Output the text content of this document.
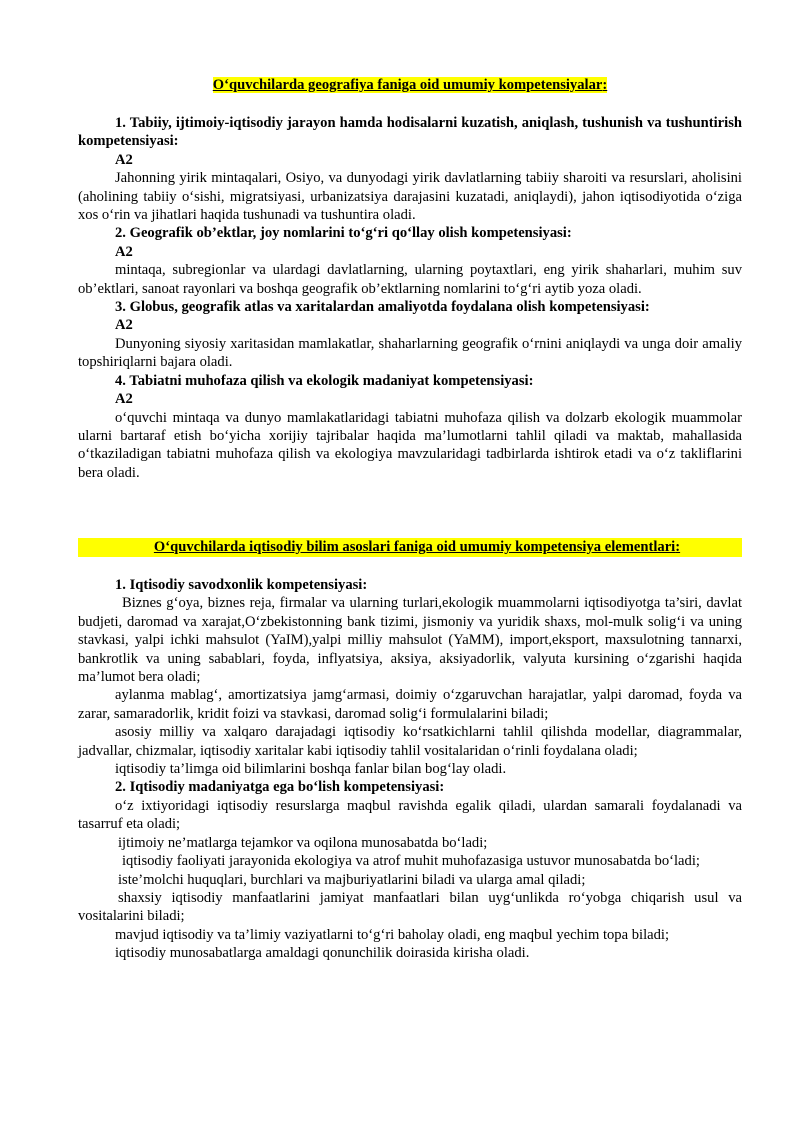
O‘quvchilarda geografiya faniga oid umumiy kompetensiyalar:

1. Tabiiy, ijtimoiy-iqtisodiy jarayon hamda hodisalarni kuzatish, aniqlash, tushunish va tushuntirish kompetensiyasi:

A2

Jahonning yirik mintaqalari, Osiyo, va dunyodagi yirik davlatlarning tabiiy sharoiti va resurslari, aholisini (aholining tabiiy o‘sishi, migratsiyasi, urbanizatsiya darajasini kuzatadi, aniqlaydi), jahon iqtisodiyotida o‘ziga xos o‘rin va jihatlari haqida tushunadi va tushuntira oladi.

2. Geografik ob’ektlar, joy nomlarini to‘g‘ri qo‘llay olish kompetensiyasi:

A2

mintaqa, subregionlar va ulardagi davlatlarning, ularning poytaxtlari, eng yirik shaharlari, muhim suv ob’ektlari, sanoat rayonlari va boshqa geografik ob’ektlarning nomlarini to‘g‘ri aytib yoza oladi.

3. Globus, geografik atlas va xaritalardan amaliyotda foydalana olish kompetensiyasi:

A2

Dunyoning siyosiy xaritasidan mamlakatlar, shaharlarning geografik o‘rnini aniqlaydi va unga doir amaliy topshiriqlarni bajara oladi.

4. Tabiatni muhofaza qilish va ekologik madaniyat kompetensiyasi:

A2

o‘quvchi mintaqa va dunyo mamlakatlaridagi tabiatni muhofaza qilish va dolzarb ekologik muammolar ularni bartaraf etish bo‘yicha xorijiy tajribalar haqida ma’lumotlarni tahlil qiladi va maktab, mahallasida o‘tkaziladigan tabiatni muhofaza qilish va ekologiya mavzularidagi tadbirlarda ishtirok etadi va o‘z takliflarini bera oladi.

O‘quvchilarda iqtisodiy bilim asoslari faniga oid umumiy kompetensiya elementlari:

1. Iqtisodiy savodxonlik kompetensiyasi:

Biznes g‘oya, biznes reja, firmalar va ularning turlari,ekologik muammolarni iqtisodiyotga ta’siri, davlat budjeti, daromad va xarajat,O‘zbekistonning bank tizimi, jismoniy va yuridik shaxs, mol-mulk solig‘i va uning stavkasi, yalpi ichki mahsulot (YaIM),yalpi milliy mahsulot (YaMM), import,eksport, maxsulotning tannarxi, bankrotlik va uning sabablari, foyda, inflyatsiya, aksiya, aksiyadorlik, valyuta kursining o‘zgarishi haqida ma’lumot bera oladi;

aylanma mablag‘, amortizatsiya jamg‘armasi, doimiy o‘zgaruvchan harajatlar, yalpi daromad, foyda va zarar, samaradorlik, kridit foizi va stavkasi, daromad solig‘i formulalarini biladi;

asosiy milliy va xalqaro darajadagi iqtisodiy ko‘rsatkichlarni tahlil qilishda modellar, diagrammalar, jadvallar, chizmalar, iqtisodiy xaritalar kabi iqtisodiy tahlil vositalaridan o‘rinli foydalana oladi;

iqtisodiy ta’limga oid bilimlarini boshqa fanlar bilan bog‘lay oladi.

2. Iqtisodiy madaniyatga ega bo‘lish kompetensiyasi:

o‘z ixtiyoridagi iqtisodiy resurslarga maqbul ravishda egalik qiladi, ulardan samarali foydalanadi va tasarruf eta oladi;

ijtimoiy ne’matlarga tejamkor va oqilona munosabatda bo‘ladi;

iqtisodiy faoliyati jarayonida ekologiya va atrof muhit muhofazasiga ustuvor munosabatda bo‘ladi;

iste’molchi huquqlari, burchlari va majburiyatlarini biladi va ularga amal qiladi;

shaxsiy iqtisodiy manfaatlarini jamiyat manfaatlari bilan uyg‘unlikda ro‘yobga chiqarish usul va vositalarini biladi;

mavjud iqtisodiy va ta’limiy vaziyatlarni to‘g‘ri baholay oladi, eng maqbul yechim topa biladi;

iqtisodiy munosabatlarga amaldagi qonunchilik doirasida kirisha oladi.
